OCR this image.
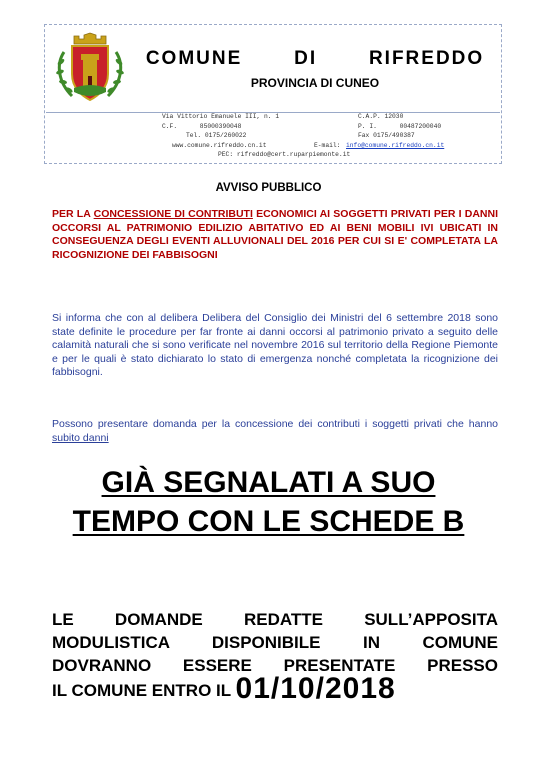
COMUNE   DI   RIFREDDO
PROVINCIA DI CUNEO
Via Vittorio Emanuele III, n. 1	C.A.P. 12030
C.F.      85000390048	P. I.      00487200040
Tel. 0175/260022	Fax 0175/490387
www.comune.rifreddo.cn.it	E-mail: info@comune.rifreddo.cn.it
PEC: rifreddo@cert.ruparpiemonte.it
AVVISO PUBBLICO

PER LA CONCESSIONE DI CONTRIBUTI ECONOMICI AI SOGGETTI PRIVATI PER I DANNI OCCORSI AL PATRIMONIO EDILIZIO ABITATIVO ED AI BENI MOBILI IVI UBICATI IN CONSEGUENZA DEGLI EVENTI ALLUVIONALI DEL 2016 PER CUI SI E' COMPLETATA LA RICOGNIZIONE DEI FABBISOGNI

Si informa che con al delibera Delibera del Consiglio dei Ministri del 6 settembre 2018 sono state definite le procedure per far fronte ai danni occorsi al patrimonio privato a seguito delle calamità naturali che si sono verificate nel novembre 2016 sul territorio della Regione Piemonte e per le quali è stato dichiarato lo stato di emergenza nonché completata la ricognizione dei fabbisogni.

Possono presentare domanda per la concessione dei contributi i soggetti privati che hanno subito danni

GIÀ SEGNALATI A SUO
TEMPO CON LE SCHEDE B
LE DOMANDE REDATTE SULL’APPOSITA
MODULISTICA DISPONIBILE IN COMUNE
DOVRANNO ESSERE PRESENTATE PRESSO
IL COMUNE ENTRO IL 01/10/2018
